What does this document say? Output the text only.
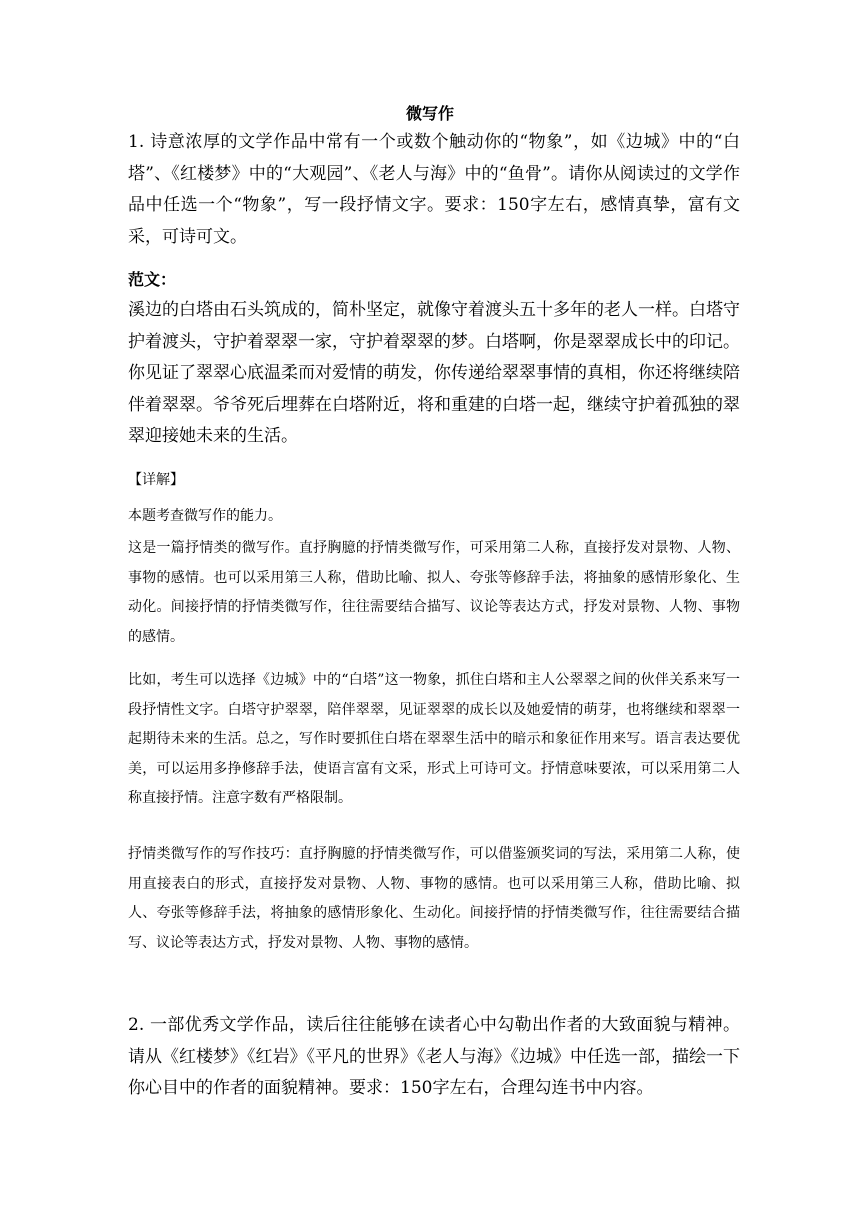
微写作
1. 诗意浓厚的文学作品中常有一个或数个触动你的“物象”，如《边城》中的“白塔”、《红楼梦》中的“大观园”、《老人与海》中的“鱼骨”。请你从阅读过的文学作品中任选一个“物象”，写一段抒情文字。要求：150字左右，感情真挚，富有文采，可诗可文。
范文：
溪边的白塔由石头筑成的，简朴坚定，就像守着渡头五十多年的老人一样。白塔守护着渡头，守护着翠翠一家，守护着翠翠的梦。白塔啊，你是翠翠成长中的印记。你见证了翠翠心底温柔而对爱情的萌发，你传递给翠翠事情的真相，你还将继续陪伴着翠翠。爷爷死后埋葬在白塔附近，将和重建的白塔一起，继续守护着孤独的翠翠迎接她未来的生活。
【详解】
本题考查微写作的能力。
这是一篇抒情类的微写作。直抒胸臆的抒情类微写作，可采用第二人称，直接抒发对景物、人物、事物的感情。也可以采用第三人称，借助比喻、拟人、夸张等修辞手法，将抽象的感情形象化、生动化。间接抒情的抒情类微写作，往往需要结合描写、议论等表达方式，抒发对景物、人物、事物的感情。
比如，考生可以选择《边城》中的“白塔”这一物象，抓住白塔和主人公翠翠之间的伙伴关系来写一段抒情性文字。白塔守护翠翠，陪伴翠翠，见证翠翠的成长以及她爱情的萌芽，也将继续和翠翠一起期待未来的生活。总之，写作时要抓住白塔在翠翠生活中的暗示和象征作用来写。语言表达要优美，可以运用多挣修辞手法，使语言富有文采，形式上可诗可文。抒情意味要浓，可以采用第二人称直接抒情。注意字数有严格限制。
抒情类微写作的写作技巧：直抒胸臆的抒情类微写作，可以借鉴颁奖词的写法，采用第二人称，使用直接表白的形式，直接抒发对景物、人物、事物的感情。也可以采用第三人称，借助比喻、拟人、夸张等修辞手法，将抽象的感情形象化、生动化。间接抒情的抒情类微写作，往往需要结合描写、议论等表达方式，抒发对景物、人物、事物的感情。
2. 一部优秀文学作品，读后往往能够在读者心中勾勒出作者的大致面貌与精神。请从《红楼梦》《红岩》《平凡的世界》《老人与海》《边城》中任选一部，描绘一下你心目中的作者的面貌精神。要求：150字左右，合理勾连书中内容。
